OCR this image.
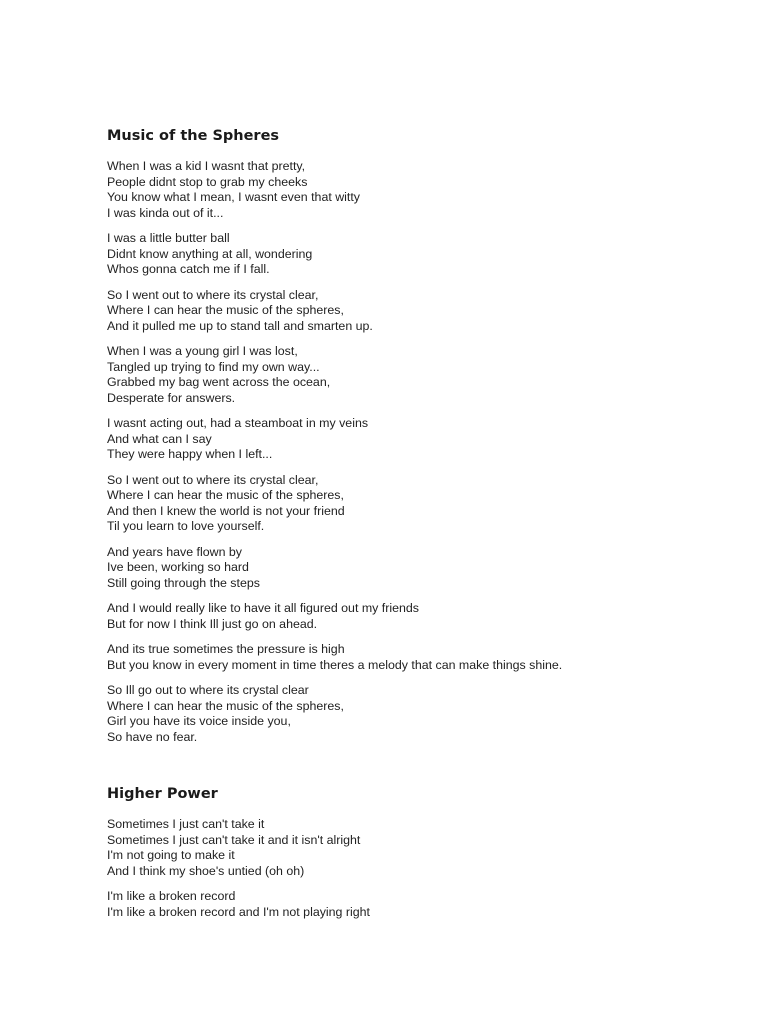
Music of the Spheres
When I was a kid I wasnt that pretty,
People didnt stop to grab my cheeks
You know what I mean, I wasnt even that witty
I was kinda out of it...
I was a little butter ball
Didnt know anything at all, wondering
Whos gonna catch me if I fall.
So I went out to where its crystal clear,
Where I can hear the music of the spheres,
And it pulled me up to stand tall and smarten up.
When I was a young girl I was lost,
Tangled up trying to find my own way...
Grabbed my bag went across the ocean,
Desperate for answers.
I wasnt acting out, had a steamboat in my veins
And what can I say
They were happy when I left...
So I went out to where its crystal clear,
Where I can hear the music of the spheres,
And then I knew the world is not your friend
Til you learn to love yourself.
And years have flown by
Ive been, working so hard
Still going through the steps
And I would really like to have it all figured out my friends
But for now I think Ill just go on ahead.
And its true sometimes the pressure is high
But you know in every moment in time theres a melody that can make things shine.
So Ill go out to where its crystal clear
Where I can hear the music of the spheres,
Girl you have its voice inside you,
So have no fear.
Higher Power
Sometimes I just can't take it
Sometimes I just can't take it and it isn't alright
I'm not going to make it
And I think my shoe's untied (oh oh)
I'm like a broken record
I'm like a broken record and I'm not playing right
